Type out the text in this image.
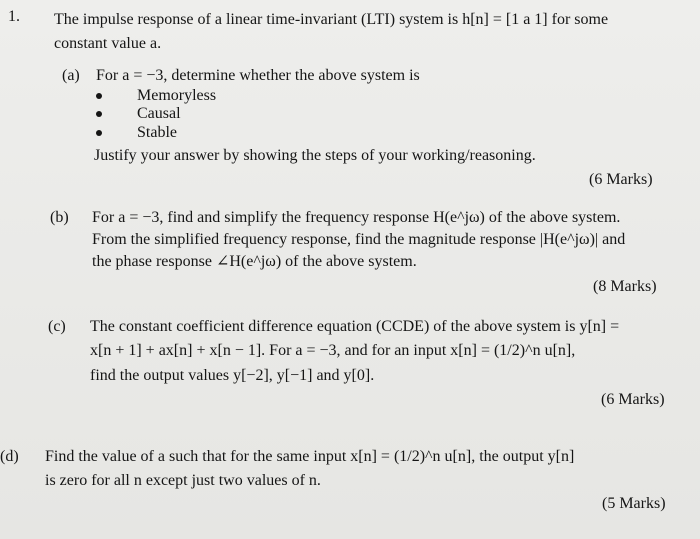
1. The impulse response of a linear time-invariant (LTI) system is h[n] = [1 a 1] for some
constant value a.
(a) For a = −3, determine whether the above system is
Memoryless
Causal
Stable
Justify your answer by showing the steps of your working/reasoning.
(6 Marks)
(b) For a = −3, find and simplify the frequency response H(e^jω) of the above system.
From the simplified frequency response, find the magnitude response |H(e^jω)| and
the phase response ∠H(e^jω) of the above system.
(8 Marks)
(c) The constant coefficient difference equation (CCDE) of the above system is y[n] =
x[n + 1] + ax[n] + x[n − 1]. For a = −3, and for an input x[n] = (1/2)^n u[n],
find the output values y[−2], y[−1] and y[0].
(6 Marks)
(d) Find the value of a such that for the same input x[n] = (1/2)^n u[n], the output y[n]
is zero for all n except just two values of n.
(5 Marks)
